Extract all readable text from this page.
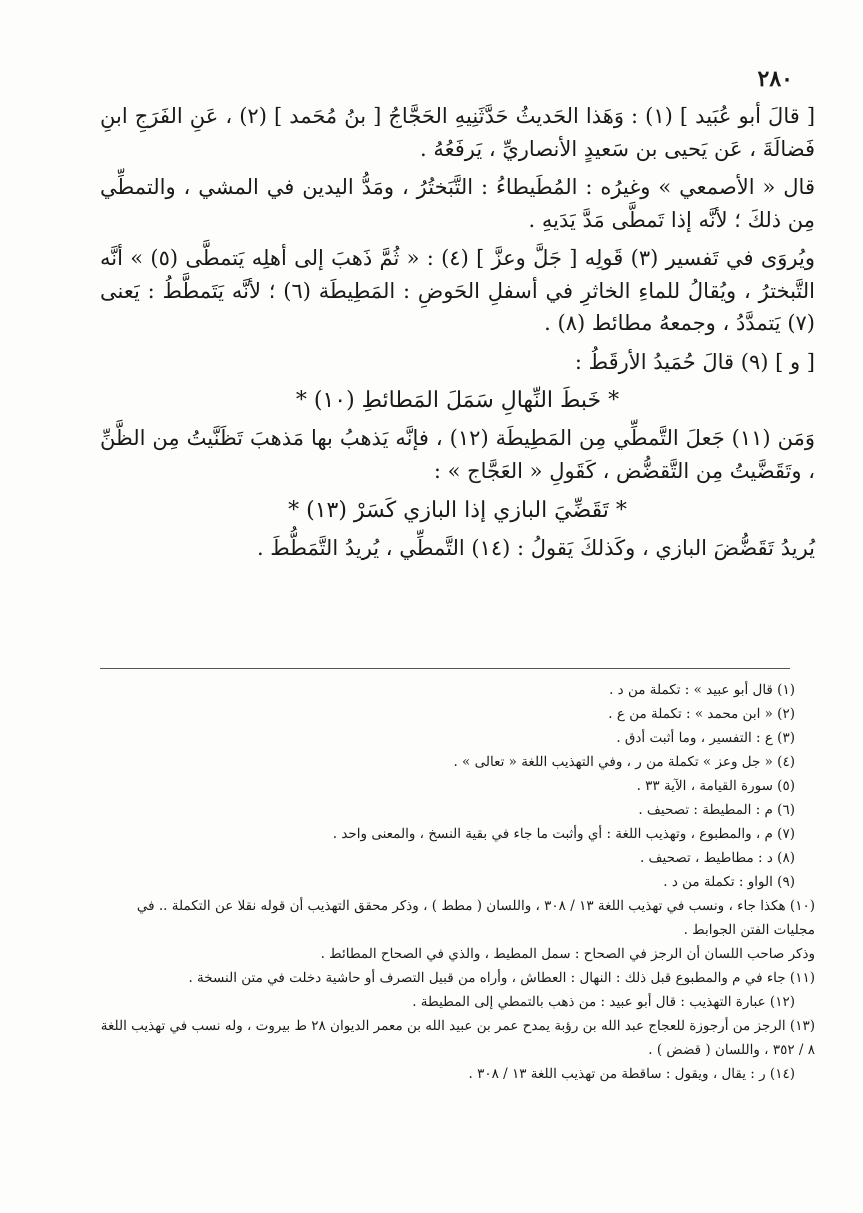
٢٨٠

[ قالَ أبو عُبَيد ] (١) : وَهَذا الحَديثُ حَدَّثَنِيهِ الحَجَّاجُ [ بنُ مُحَمد ] (٢) ، عَنِ الفَرَجِ ابنِ فَضالَةَ ، عَن يَحيى بن سَعيدٍ الأنصاريِّ ، يَرفَعُهُ .

قال « الأصمعي » وغيرُه : المُطَيطاءُ : التَّبَختُرُ ، ومَدُّ اليدين في المشي ، والتمطِّي مِن ذلكَ ؛ لأنَّه إذا تَمطَّى مَدَّ يَدَيهِ .

ويُروَى في تَفسير (٣) قَولِه [ جَلَّ وعزَّ ] (٤) : « ثُمَّ ذَهبَ إلى أهلِه يَتمطَّى (٥) » أنَّه التَّبخترُ ، ويُقالُ للماءِ الخاثرِ في أسفلِ الحَوضِ : المَطِيطَة (٦) ؛ لأنَّه يَتَمطَّطُ : يَعنى (٧) يَتمدَّدُ ، وجمعهُ مطائط (٨) .

[ و ] (٩) قالَ حُمَيدُ الأرقَطُ :

* خَبطَ النِّهالِ سَمَلَ المَطائطِ (١٠) *

وَمَن (١١) جَعلَ التَّمطِّي مِن المَطِيطَة (١٢) ، فإنَّه يَذهبُ بها مَذهبَ تَظَنَّيتُ مِن الظَّنِّ ، وتَقَضَّيتُ مِن التَّقضُّض ، كَقَولِ « العَجَّاج » :

* تَقَضِّيَ البازي إذا البازي كَسَرْ (١٣) *

يُريدُ تَقَضُّضَ البازي ، وكَذلكَ يَقولُ : (١٤) التَّمطِّي ، يُريدُ التَّمَطُّطَ .

(١) قال أبو عبيد » : تكملة من د .

(٢) « ابن محمد » : تكملة من ع .

(٣) ع : التفسير ، وما أثبت أدق .

(٤) « جل وعز » تكملة من ر ، وفي التهذيب اللغة « تعالى » .

(٥) سورة القيامة ، الآية ٣٣ .

(٦) م : المطيطة : تصحيف .

(٧) م ، والمطبوع ، وتهذيب اللغة : أي وأثبت ما جاء في بقية النسخ ، والمعنى واحد .

(٨) د : مطاطيط ، تصحيف .

(٩) الواو : تكملة من د .

(١٠) هكذا جاء ، ونسب في تهذيب اللغة ١٣ / ٣٠٨ ، واللسان ( مطط ) ، وذكر محقق التهذيب أن قوله نقلا عن التكملة .. في مجليات الفتن الجوابط .

وذكر صاحب اللسان أن الرجز في الصحاح : سمل المطيط ، والذي في الصحاح المطائط .

(١١) جاء في م والمطبوع قبل ذلك : النهال : العطاش ، وأراه من قبيل التصرف أو حاشية دخلت في متن النسخة .

(١٢) عبارة التهذيب : قال أبو عبيد : من ذهب بالتمطي إلى المطيطة .

(١٣) الرجز من أرجوزة للعجاج عبد الله بن رؤبة يمدح عمر بن عبيد الله بن معمر الديوان ٢٨ ط بيروت ، وله نسب في تهذيب اللغة ٨ / ٣٥٢ ، واللسان ( قضض ) .

(١٤) ر : يقال ، ويقول : ساقطة من تهذيب اللغة ١٣ / ٣٠٨ .
